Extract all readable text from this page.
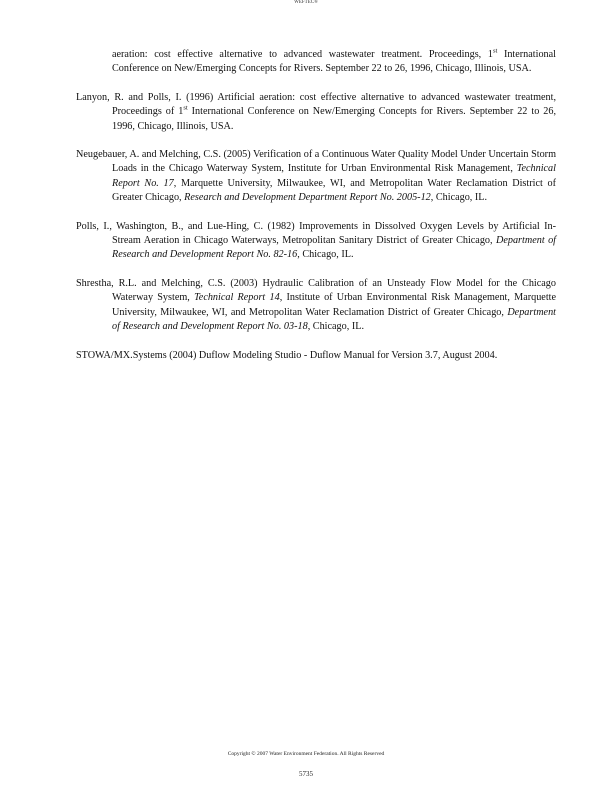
WEFTEC®

aeration: cost effective alternative to advanced wastewater treatment. Proceedings, 1st International Conference on New/Emerging Concepts for Rivers. September 22 to 26, 1996, Chicago, Illinois, USA.

Lanyon, R. and Polls, I. (1996) Artificial aeration: cost effective alternative to advanced wastewater treatment, Proceedings of 1st International Conference on New/Emerging Concepts for Rivers. September 22 to 26, 1996, Chicago, Illinois, USA.

Neugebauer, A. and Melching, C.S. (2005) Verification of a Continuous Water Quality Model Under Uncertain Storm Loads in the Chicago Waterway System, Institute for Urban Environmental Risk Management, Technical Report No. 17, Marquette University, Milwaukee, WI, and Metropolitan Water Reclamation District of Greater Chicago, Research and Development Department Report No. 2005-12, Chicago, IL.

Polls, I., Washington, B., and Lue-Hing, C. (1982) Improvements in Dissolved Oxygen Levels by Artificial In-Stream Aeration in Chicago Waterways, Metropolitan Sanitary District of Greater Chicago, Department of Research and Development Report No. 82-16, Chicago, IL.

Shrestha, R.L. and Melching, C.S. (2003) Hydraulic Calibration of an Unsteady Flow Model for the Chicago Waterway System, Technical Report 14, Institute of Urban Environmental Risk Management, Marquette University, Milwaukee, WI, and Metropolitan Water Reclamation District of Greater Chicago, Department of Research and Development Report No. 03-18, Chicago, IL.

STOWA/MX.Systems (2004) Duflow Modeling Studio - Duflow Manual for Version 3.7, August 2004.

Copyright © 2007 Water Environment Federation. All Rights Reserved
5735
